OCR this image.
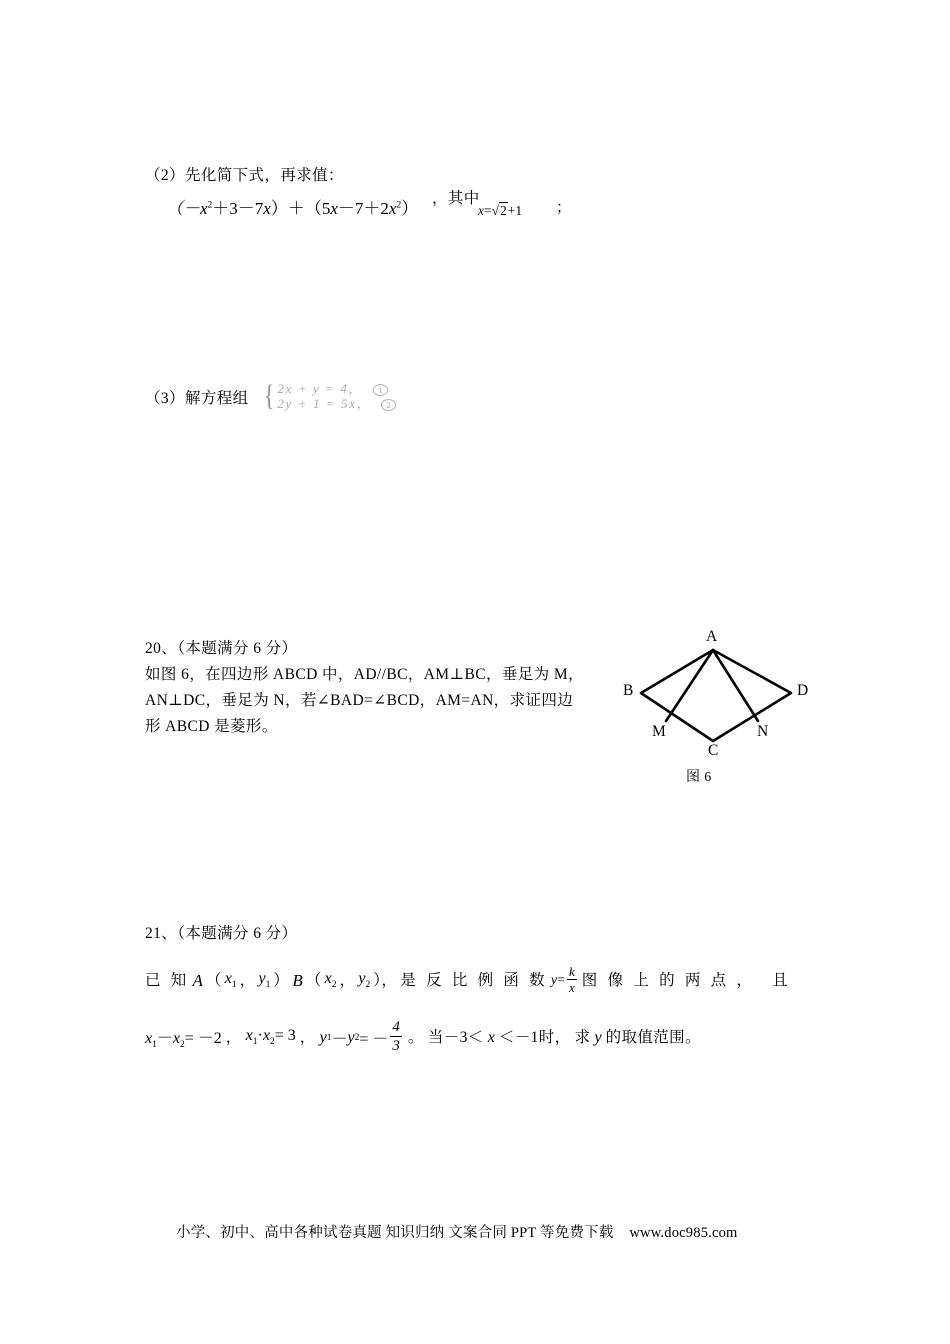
（2）先化简下式，再求值：
$(-x^2+3-7x)+(5x-7+2x^2)$
，其中
x=√2+1 ；
（3）解方程组 { 2x + y = 4， 1
2y + 1 = 5x， 2
20、（本题满分 6 分）
如图 6，在四边形 ABCD 中，AD//BC，AM⊥BC，垂足为 M，
AN⊥DC，垂足为 N，若∠BAD=∠BCD，AM=AN，求证四边
形 ABCD 是菱形。
A
B
C
D
M	N
图 6
21、（本题满分 6 分）
已 知 A （ $x_1$ ， $y_1$ ） B （ $x_2$ ， $y_2$ ）， 是 反 比 例 函 数 $y = \frac{k}{x}$ 图 像 上 的 两 点 ， 且
$x_1-x_2= -2$ ， $x_1\cdot x_2= 3$ ， y 1 － y 2 = － $\frac{4}{3}$ 。 当－3＜ x ＜－1时， 求 y 的取值范围。
小学、初中、高中各种试卷真题 知识归纳 文案合同 PPT 等免费下载 www.doc985.com
